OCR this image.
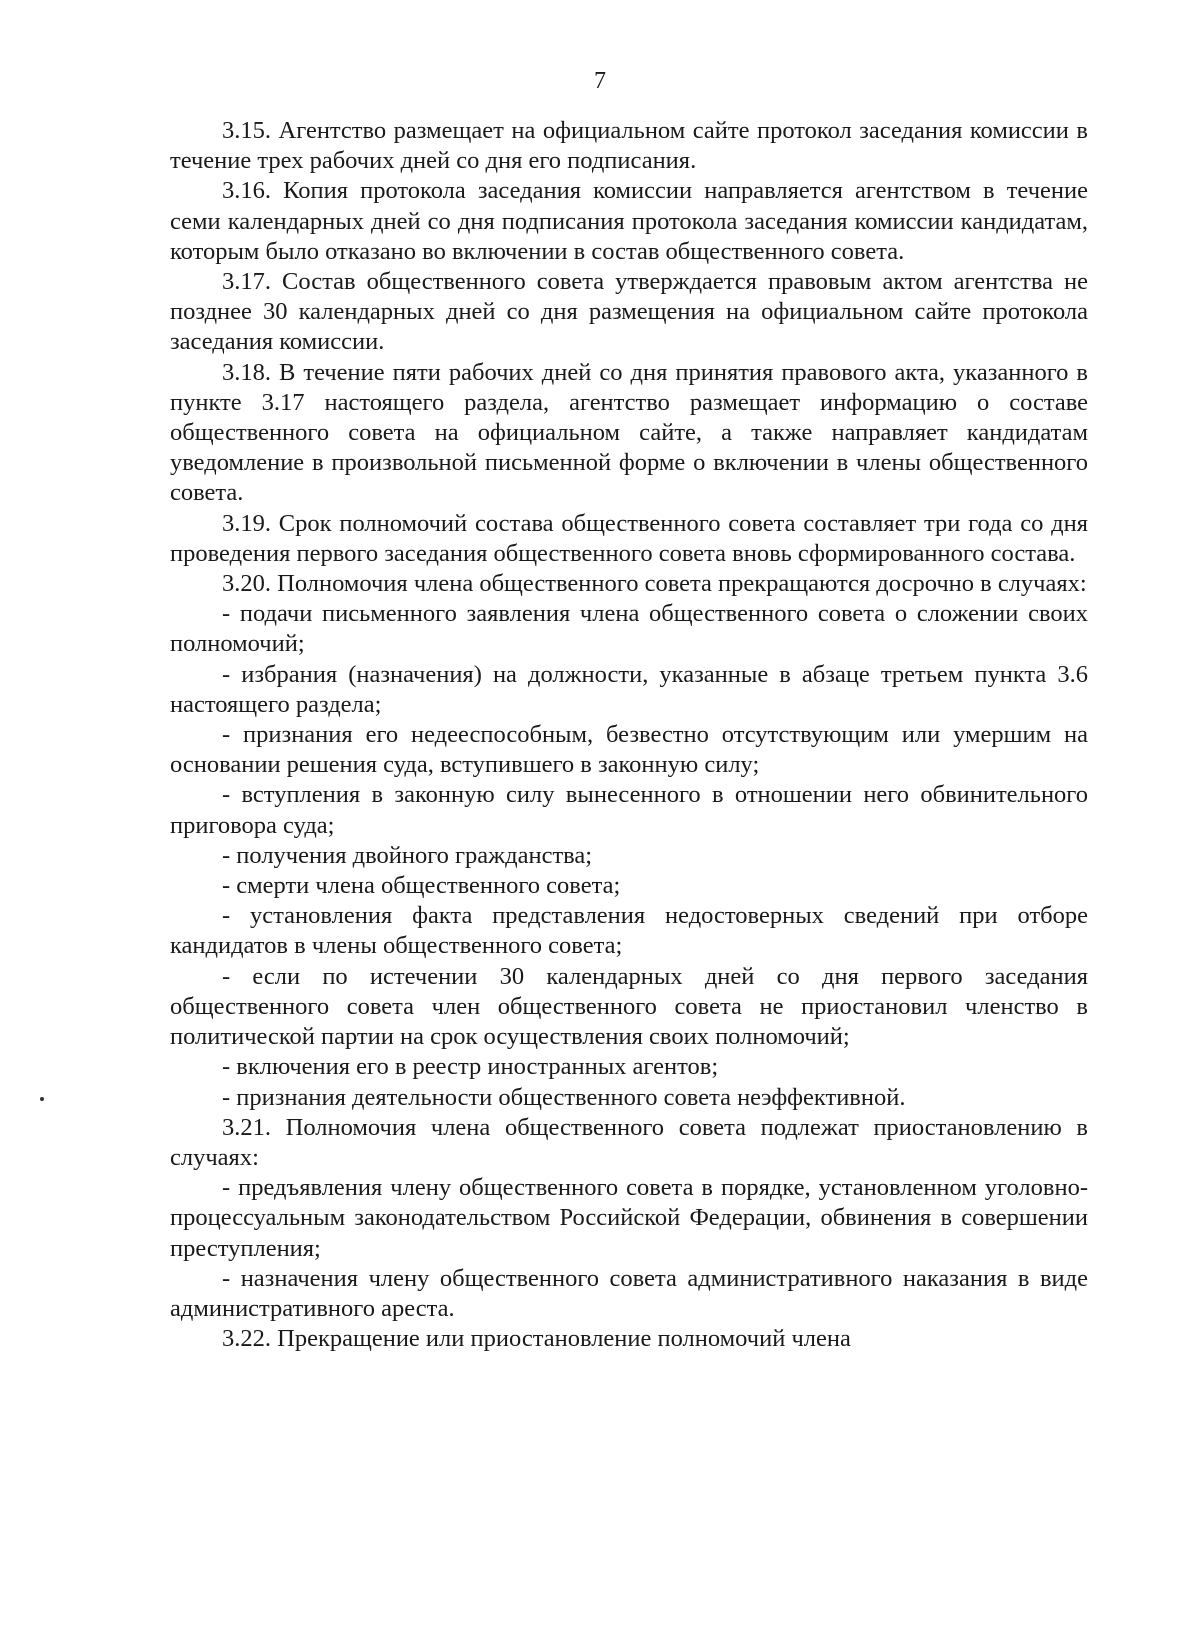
7

3.15. Агентство размещает на официальном сайте протокол заседания комиссии в течение трех рабочих дней со дня его подписания.

3.16. Копия протокола заседания комиссии направляется агентством в течение семи календарных дней со дня подписания протокола заседания комиссии кандидатам, которым было отказано во включении в состав общественного совета.

3.17. Состав общественного совета утверждается правовым актом агентства не позднее 30 календарных дней со дня размещения на официальном сайте протокола заседания комиссии.

3.18. В течение пяти рабочих дней со дня принятия правового акта, указанного в пункте 3.17 настоящего раздела, агентство размещает информацию о составе общественного совета на официальном сайте, а также направляет кандидатам уведомление в произвольной письменной форме о включении в члены общественного совета.

3.19. Срок полномочий состава общественного совета составляет три года со дня проведения первого заседания общественного совета вновь сформированного состава.

3.20. Полномочия члена общественного совета прекращаются досрочно в случаях:

- подачи письменного заявления члена общественного совета о сложении своих полномочий;

- избрания (назначения) на должности, указанные в абзаце третьем пункта 3.6 настоящего раздела;

- признания его недееспособным, безвестно отсутствующим или умершим на основании решения суда, вступившего в законную силу;

- вступления в законную силу вынесенного в отношении него обвинительного приговора суда;

- получения двойного гражданства;

- смерти члена общественного совета;

- установления факта представления недостоверных сведений при отборе кандидатов в члены общественного совета;

- если по истечении 30 календарных дней со дня первого заседания общественного совета член общественного совета не приостановил членство в политической партии на срок осуществления своих полномочий;

- включения его в реестр иностранных агентов;

- признания деятельности общественного совета неэффективной.

3.21. Полномочия члена общественного совета подлежат приостановлению в случаях:

- предъявления члену общественного совета в порядке, установленном уголовно-процессуальным законодательством Российской Федерации, обвинения в совершении преступления;

- назначения члену общественного совета административного наказания в виде административного ареста.

3.22. Прекращение или приостановление полномочий члена
